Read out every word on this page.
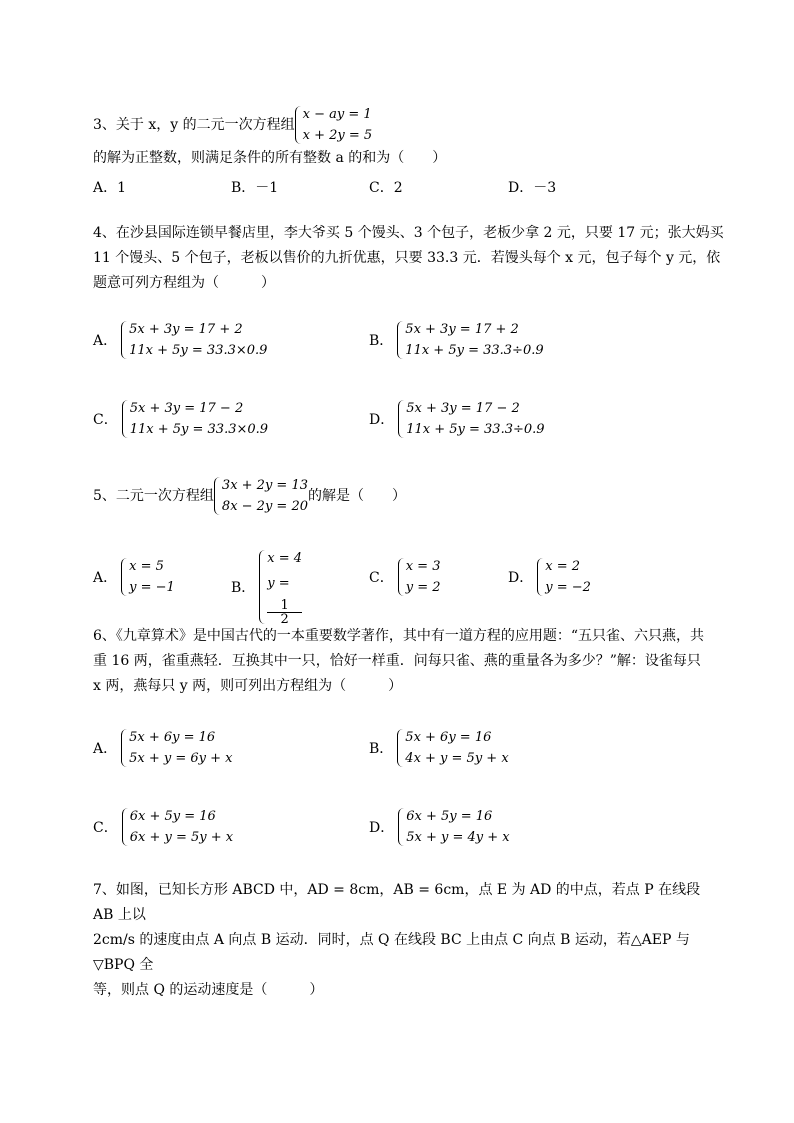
3、关于 x，y 的二元一次方程组
x − ay = 1
x + 2y = 5
的解为正整数，则满足条件的所有整数 a 的和为（　　）
A．1	B．－1	C．2	D．－3
4、在沙县国际连锁早餐店里，李大爷买 5 个馒头、3 个包子，老板少拿 2 元，只要 17 元；张大妈买
11 个馒头、5 个包子，老板以售价的九折优惠，只要 33.3 元．若馒头每个 x 元，包子每个 y 元，依
题意可列方程组为（　　　）
A．
5x + 3y = 17 + 2
11x + 5y = 33.3×0.9
B．
5x + 3y = 17 + 2
11x + 5y = 33.3÷0.9
C．
5x + 3y = 17 − 2
11x + 5y = 33.3×0.9
D．
5x + 3y = 17 − 2
11x + 5y = 33.3÷0.9
5、二元一次方程组
3x + 2y = 13
8x − 2y = 20
的解是（　　）
A．
x = 5
y = −1	B．
x = 4
y =
1
2
C．
x = 3
y = 2
D．
x = 2
y = −2
6、《九章算术》是中国古代的一本重要数学著作，其中有一道方程的应用题：“五只雀、六只燕，共
重 16 两，雀重燕轻．互换其中一只，恰好一样重．问每只雀、燕的重量各为多少？”解：设雀每只
x 两，燕每只 y 两，则可列出方程组为（　　　）
A．
5x + 6y = 16
5x + y = 6y + x
B．
5x + 6y = 16
4x + y = 5y + x
C．
6x + 5y = 16
6x + y = 5y + x
D．
6x + 5y = 16
5x + y = 4y + x
7、如图，已知长方形 ABCD 中，AD = 8cm，AB = 6cm，点 E 为 AD 的中点，若点 P 在线段 AB 上以
2cm/s 的速度由点 A 向点 B 运动．同时，点 Q 在线段 BC 上由点 C 向点 B 运动，若△AEP 与▽BPQ 全
等，则点 Q 的运动速度是（　　　）
